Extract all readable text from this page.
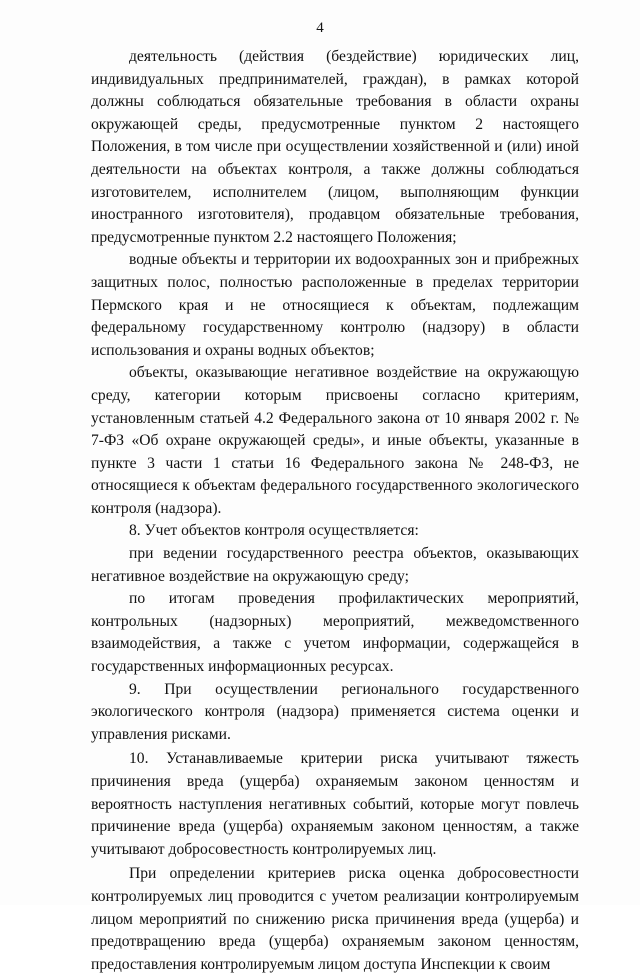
4

деятельность (действия (бездействие) юридических лиц, индивидуальных предпринимателей, граждан), в рамках которой должны соблюдаться обязательные требования в области охраны окружающей среды, предусмотренные пунктом 2 настоящего Положения, в том числе при осуществлении хозяйственной и (или) иной деятельности на объектах контроля, а также должны соблюдаться изготовителем, исполнителем (лицом, выполняющим функции иностранного изготовителя), продавцом обязательные требования, предусмотренные пунктом 2.2 настоящего Положения;

водные объекты и территории их водоохранных зон и прибрежных защитных полос, полностью расположенные в пределах территории Пермского края и не относящиеся к объектам, подлежащим федеральному государственному контролю (надзору) в области использования и охраны водных объектов;

объекты, оказывающие негативное воздействие на окружающую среду, категории которым присвоены согласно критериям, установленным статьей 4.2 Федерального закона от 10 января 2002 г. № 7-ФЗ «Об охране окружающей среды», и иные объекты, указанные в пункте 3 части 1 статьи 16 Федерального закона № 248-ФЗ, не относящиеся к объектам федерального государственного экологического контроля (надзора).

8. Учет объектов контроля осуществляется:

при ведении государственного реестра объектов, оказывающих негативное воздействие на окружающую среду;

по итогам проведения профилактических мероприятий, контрольных (надзорных) мероприятий, межведомственного взаимодействия, а также с учетом информации, содержащейся в государственных информационных ресурсах.

9. При осуществлении регионального государственного экологического контроля (надзора) применяется система оценки и управления рисками.

10. Устанавливаемые критерии риска учитывают тяжесть причинения вреда (ущерба) охраняемым законом ценностям и вероятность наступления негативных событий, которые могут повлечь причинение вреда (ущерба) охраняемым законом ценностям, а также учитывают добросовестность контролируемых лиц.

При определении критериев риска оценка добросовестности контролируемых лиц проводится с учетом реализации контролируемым лицом мероприятий по снижению риска причинения вреда (ущерба) и предотвращению вреда (ущерба) охраняемым законом ценностям, предоставления контролируемым лицом доступа Инспекции к своим
